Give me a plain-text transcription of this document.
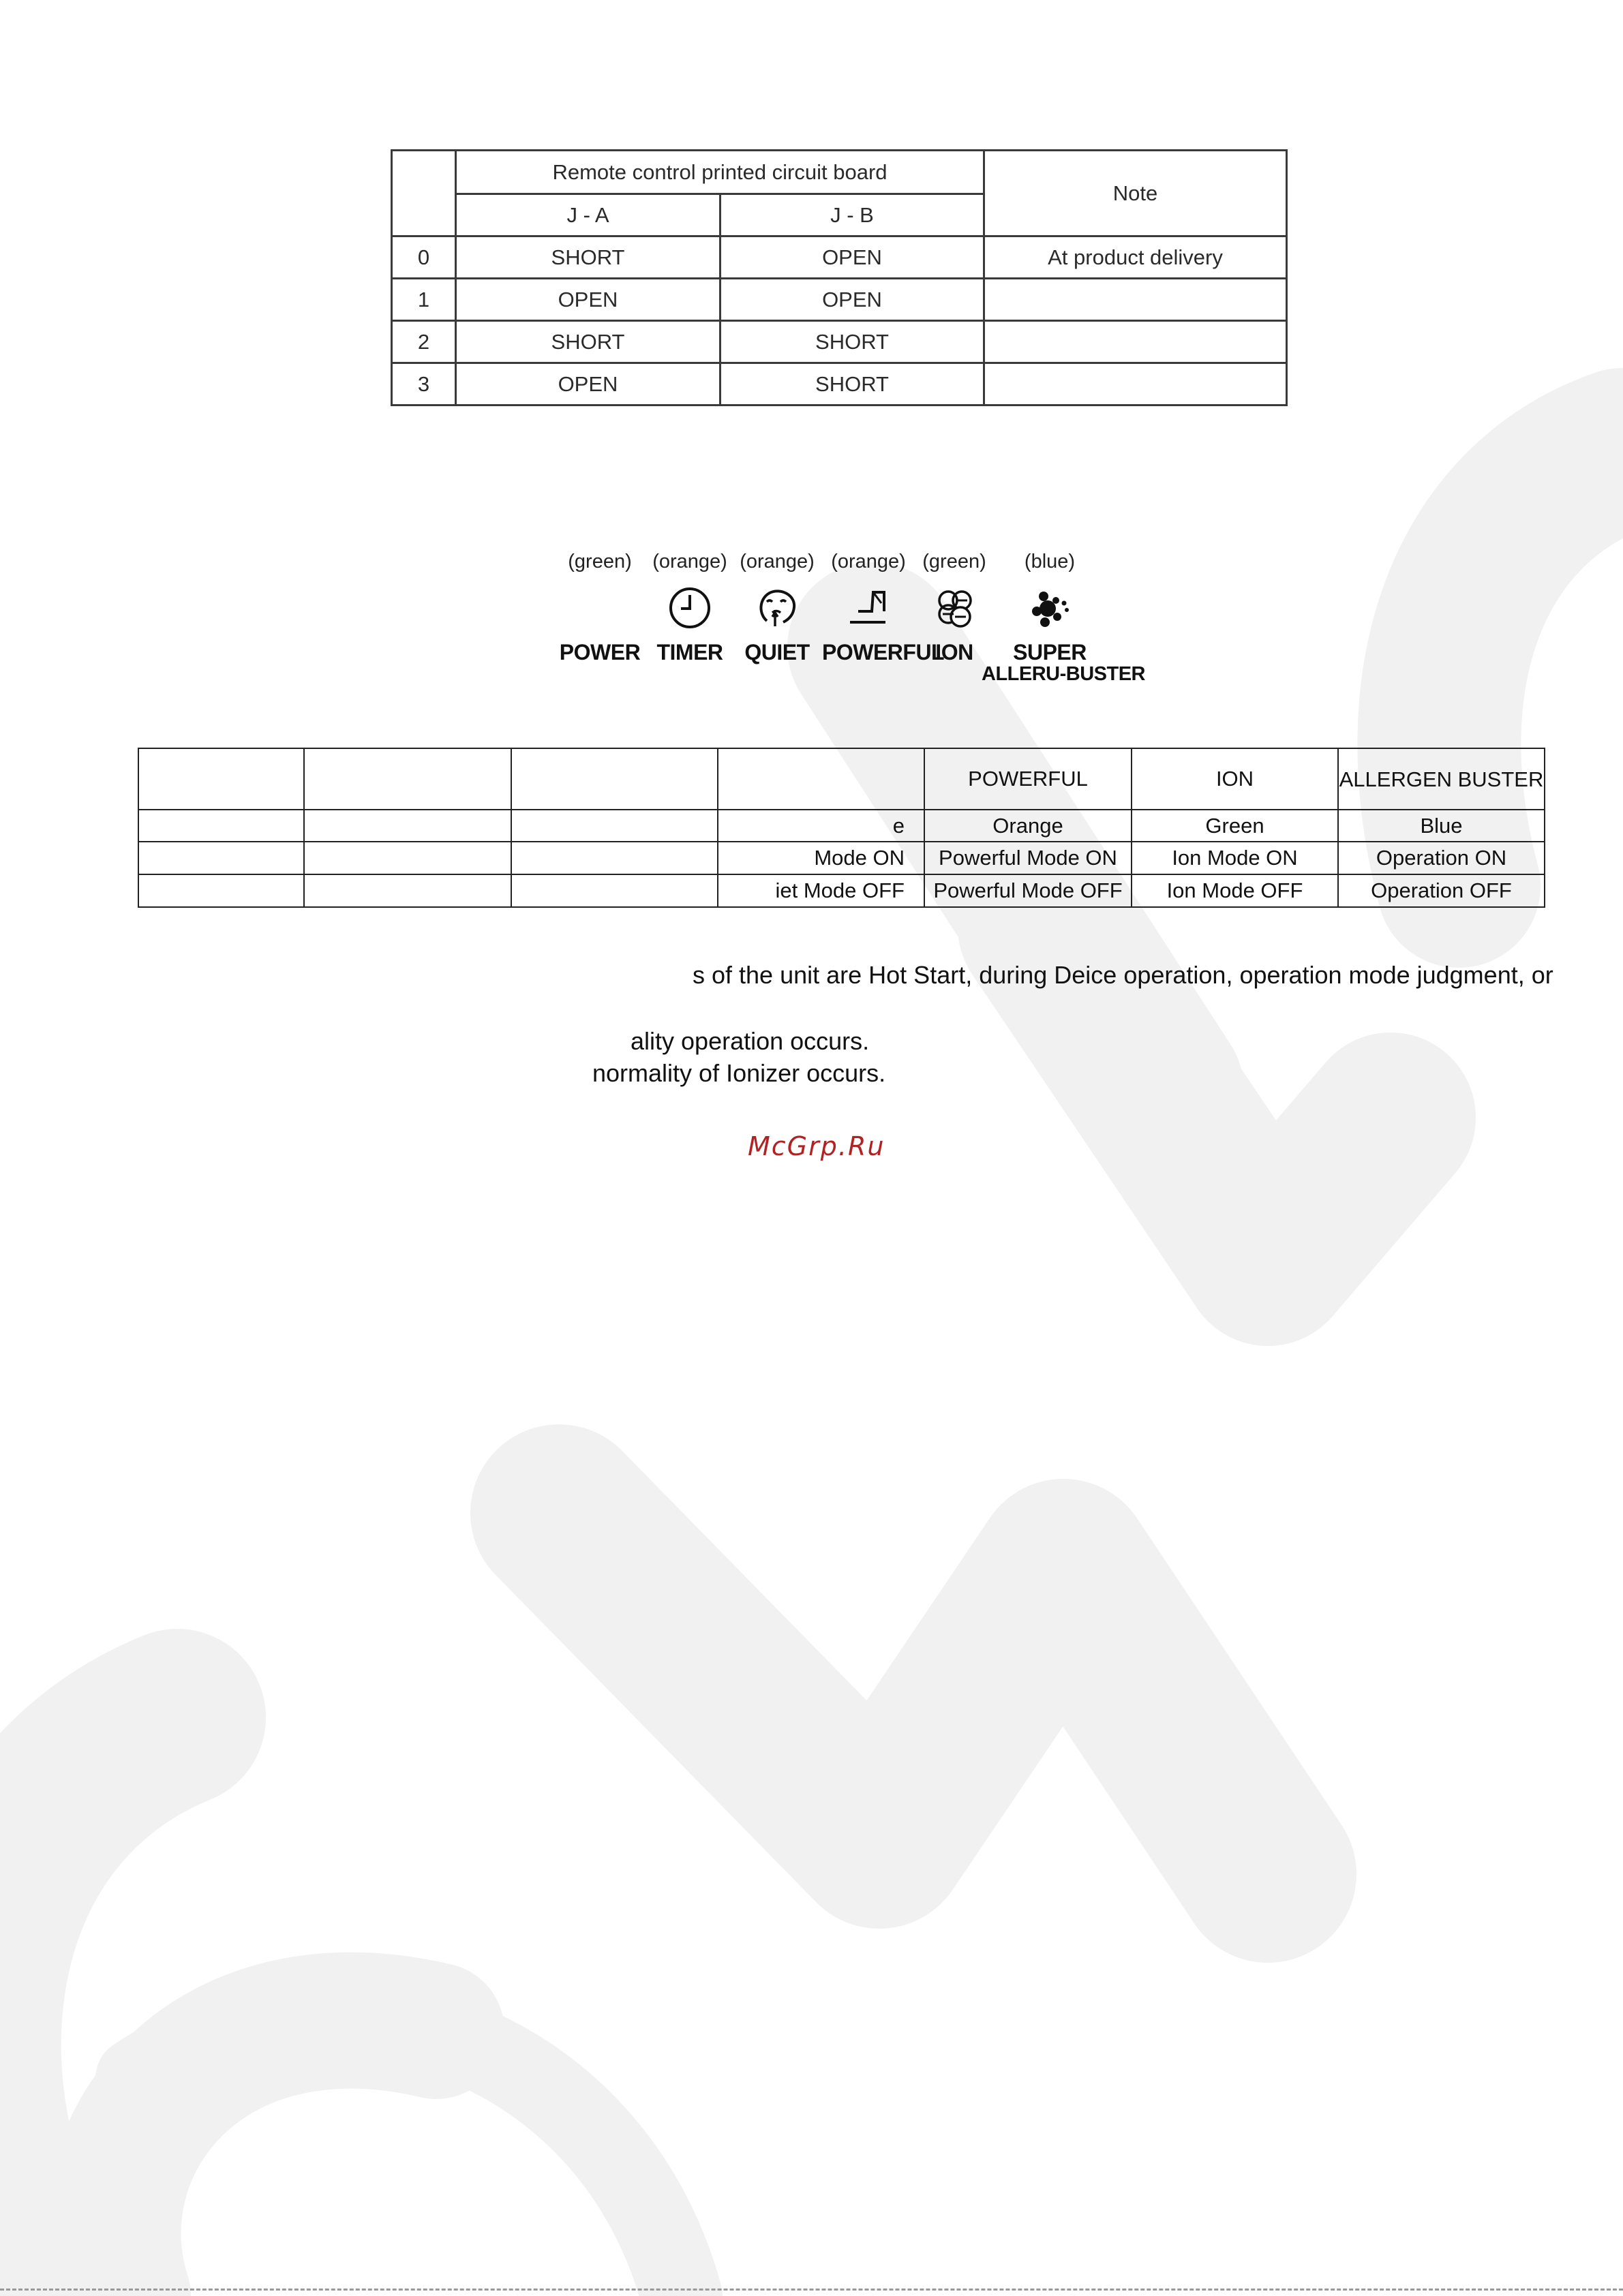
	Remote control printed circuit board		Note
	J - A	J - B	
0	SHORT	OPEN	At product delivery
1	OPEN	OPEN	
2	SHORT	SHORT	
3	OPEN	SHORT	
(green)
POWER
(orange)
TIMER
(orange)
QUIET
(orange)
POWERFUL
(green)
ION
(blue)
SUPER
ALLERU-BUSTER
				POWERFUL	ION	ALLERGEN BUSTER
			e	Orange	Green	Blue
			Mode ON	Powerful Mode ON	Ion Mode ON	Operation ON
			iet Mode OFF	Powerful Mode OFF	Ion Mode OFF	Operation OFF
s of the unit are Hot Start, during Deice operation, operation mode judgment, or
ality operation occurs.
normality of Ionizer occurs.
McGrp.Ru
